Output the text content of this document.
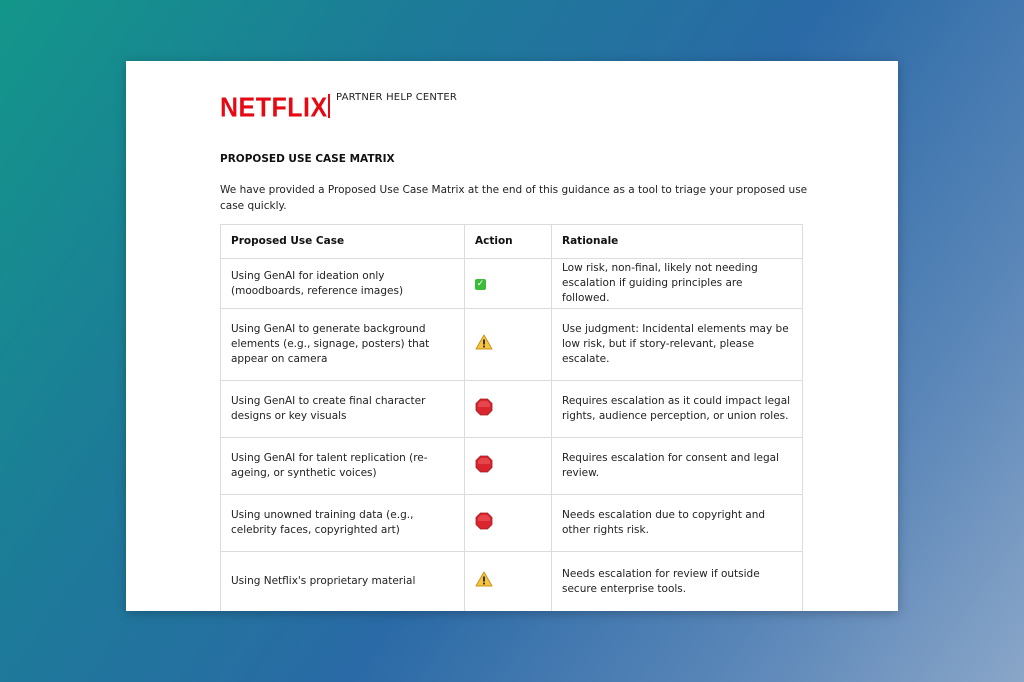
NETFLIX PARTNER HELP CENTER
PROPOSED USE CASE MATRIX
We have provided a Proposed Use Case Matrix at the end of this guidance as a tool to triage your proposed use case quickly.
Proposed Use Case	Action	Rationale
Using GenAI for ideation only (moodboards, reference images)	✓	Low risk, non-final, likely not needing escalation if guiding principles are followed.
Using GenAI to generate background elements (e.g., signage, posters) that appear on camera		Use judgment: Incidental elements may be low risk, but if story-relevant, please escalate.
Using GenAI to create final character designs or key visuals		Requires escalation as it could impact legal rights, audience perception, or union roles.
Using GenAI for talent replication (re-ageing, or synthetic voices)		Requires escalation for consent and legal review.
Using unowned training data (e.g., celebrity faces, copyrighted art)		Needs escalation due to copyright and other rights risk.
Using Netflix's proprietary material		Needs escalation for review if outside secure enterprise tools.
